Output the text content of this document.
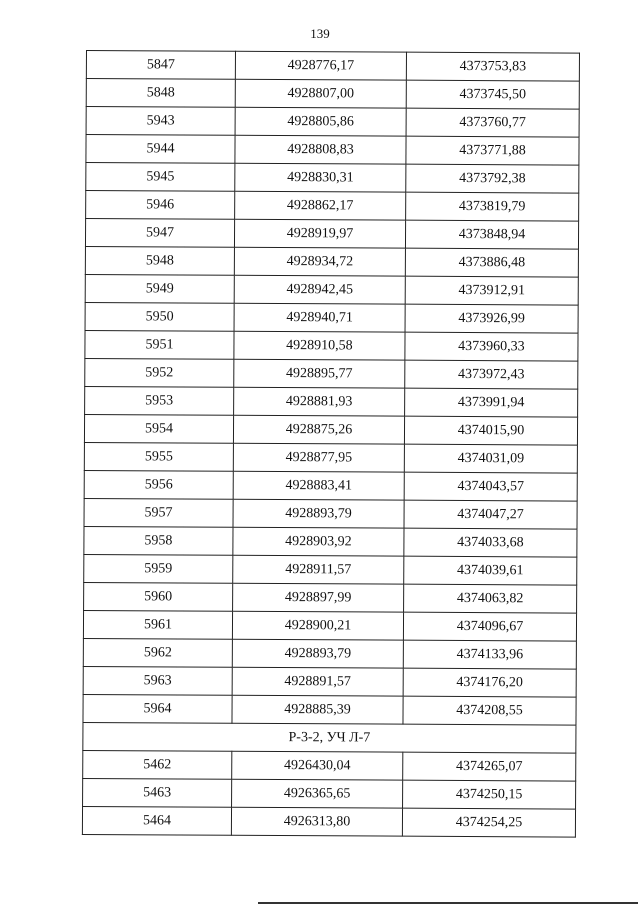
139
5847	4928776,17	4373753,83
5848	4928807,00	4373745,50
5943	4928805,86	4373760,77
5944	4928808,83	4373771,88
5945	4928830,31	4373792,38
5946	4928862,17	4373819,79
5947	4928919,97	4373848,94
5948	4928934,72	4373886,48
5949	4928942,45	4373912,91
5950	4928940,71	4373926,99
5951	4928910,58	4373960,33
5952	4928895,77	4373972,43
5953	4928881,93	4373991,94
5954	4928875,26	4374015,90
5955	4928877,95	4374031,09
5956	4928883,41	4374043,57
5957	4928893,79	4374047,27
5958	4928903,92	4374033,68
5959	4928911,57	4374039,61
5960	4928897,99	4374063,82
5961	4928900,21	4374096,67
5962	4928893,79	4374133,96
5963	4928891,57	4374176,20
5964	4928885,39	4374208,55
Р-3-2, УЧ Л-7		
5462	4926430,04	4374265,07
5463	4926365,65	4374250,15
5464	4926313,80	4374254,25
